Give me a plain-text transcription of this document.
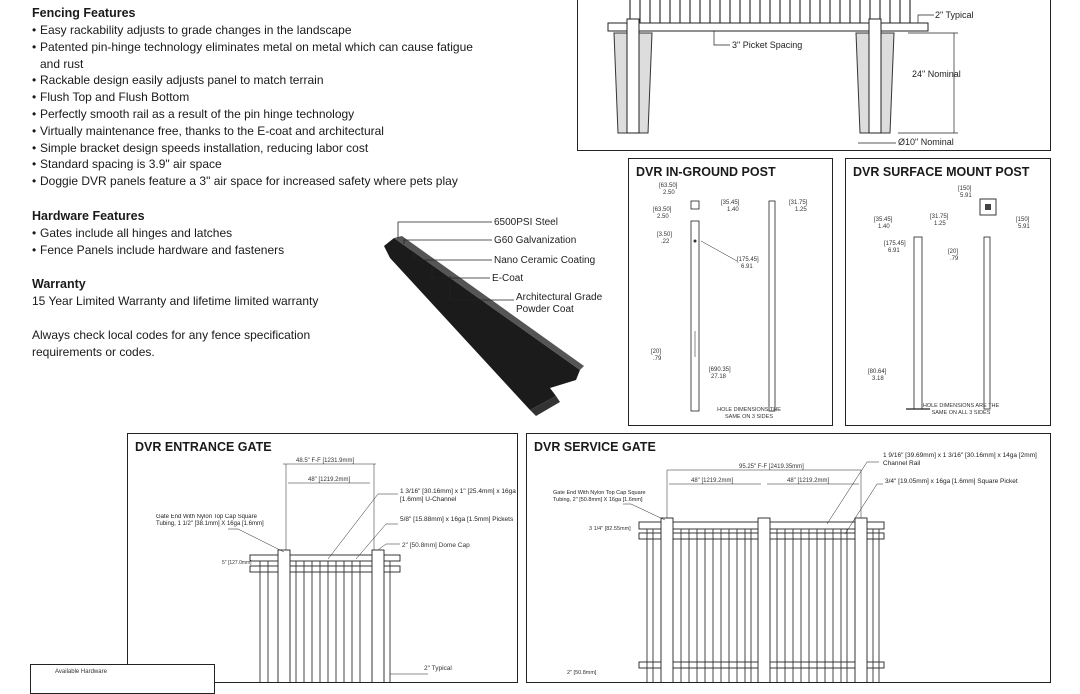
Fencing Features
• Easy rackability adjusts to grade changes in the landscape
• Patented pin-hinge technology eliminates metal on metal which can cause fatigue and rust
• Rackable design easily adjusts panel to match terrain
• Flush Top and Flush Bottom
• Perfectly smooth rail as a result of the pin hinge technology
• Virtually maintenance free, thanks to the E-coat and architectural
• Simple bracket design speeds installation, reducing labor cost
• Standard spacing is 3.9" air space
• Doggie DVR panels feature a 3" air space for increased safety where pets play
Hardware Features
• Gates include all hinges and latches
• Fence Panels include hardware and fasteners
Warranty
15 Year Limited Warranty and lifetime limited warranty
Always check local codes for any fence specification requirements or codes.
6500PSI Steel
G60 Galvanization
Nano Ceramic Coating
E-Coat
Architectural Grade Powder Coat
2" Typical
3" Picket Spacing
24" Nominal
Ø10" Nominal
DVR IN-GROUND POST
[63.50]
2.50
[35.45]
1.40
[31.75]
1.25
[63.50]
2.50
[3.50]
.22
[175.45]
6.91
[20]
.79
[690.35]
27.18
HOLE DIMENSIONS THE SAME ON 3 SIDES
DVR SURFACE MOUNT POST
[150]
5.91
[35.45]
1.40
[31.75]
1.25
[150]
5.91
[175.45]
6.91	[20]
.79
[80.64]
3.18
HOLE DIMENSIONS ARE THE SAME ON ALL 3 SIDES
DVR ENTRANCE GATE
48.5" F-F [1231.9mm]
48" [1219.2mm]
1 3/16" [30.16mm] x 1" [25.4mm] x 16ga [1.6mm] U-Channel
5/8" [15.88mm] x 16ga [1.5mm] Pickets
2" [50.8mm] Dome Cap
Gate End With Nylon Top Cap Square Tubing, 1 1/2" [38.1mm] X 16ga [1.6mm]
5" [127.0mm]
2" Typical
DVR SERVICE GATE
95.25" F-F [2419.35mm]
48" [1219.2mm]	48" [1219.2mm]
1 9/16" [39.69mm] x 1 3/16" [30.16mm] x 14ga [2mm] Channel Rail
3/4" [19.05mm] x 16ga [1.6mm] Square Picket
Gate End With Nylon Top Cap Square Tubing, 2" [50.8mm] X 16ga [1.6mm]
3 1/4" [82.55mm]
2" [50.8mm]
Available Hardware
